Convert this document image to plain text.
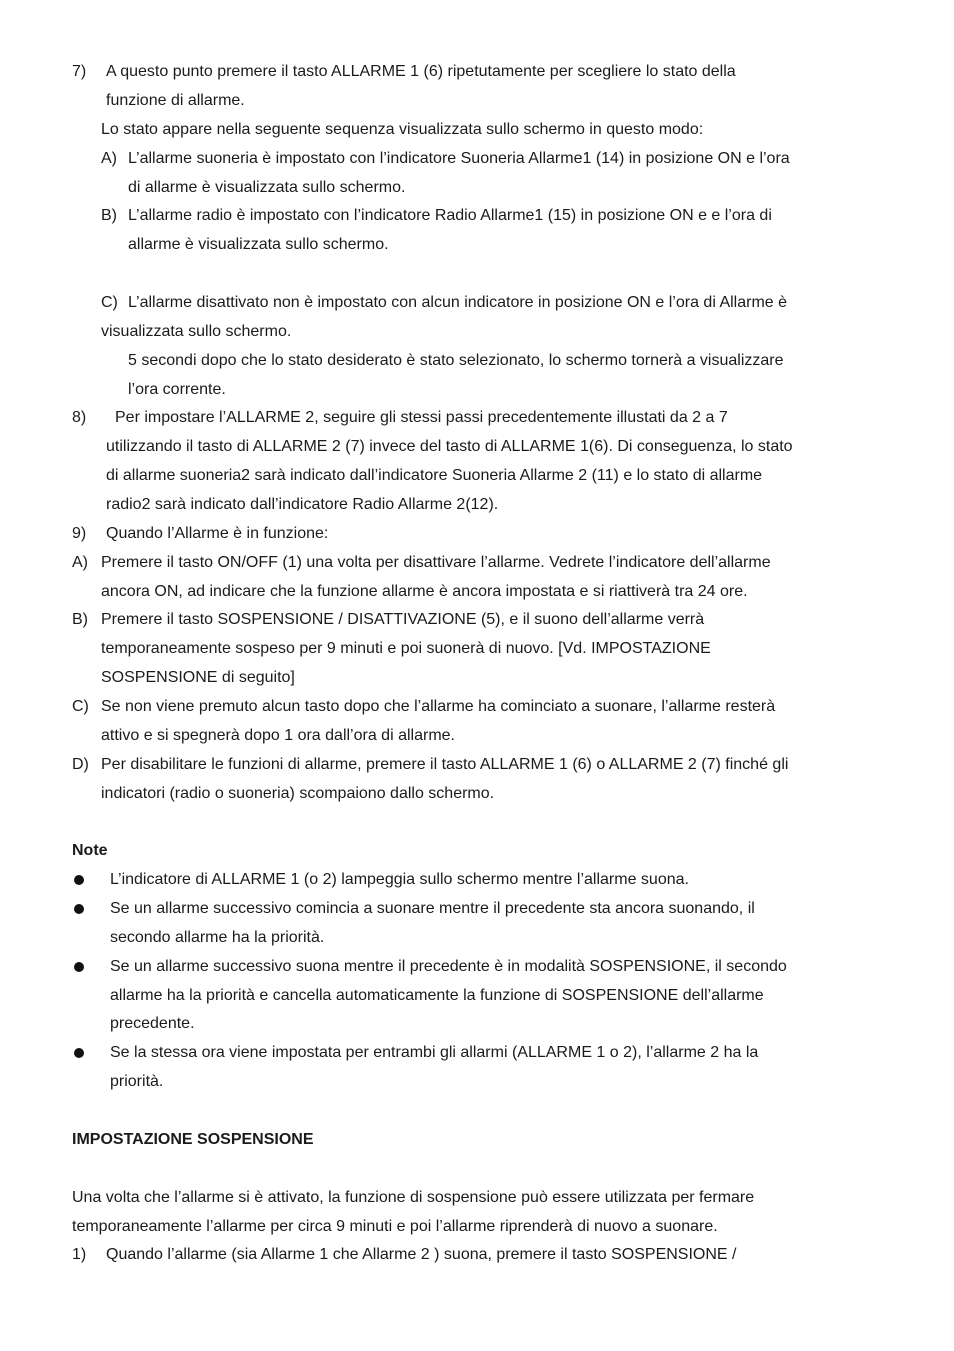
7) A questo punto premere il tasto ALLARME 1 (6) ripetutamente per scegliere lo stato della
funzione di allarme.
Lo stato appare nella seguente sequenza visualizzata sullo schermo in questo modo:
A) L’allarme suoneria è impostato con l’indicatore Suoneria Allarme1 (14) in posizione ON e l’ora
di allarme è visualizzata sullo schermo.
B) L’allarme radio è impostato con l’indicatore Radio Allarme1 (15) in posizione ON e e l’ora di
allarme è visualizzata sullo schermo.
C) L’allarme disattivato non è impostato con alcun indicatore in posizione ON e l’ora di Allarme è
visualizzata sullo schermo.
5 secondi dopo che lo stato desiderato è stato selezionato, lo schermo tornerà a visualizzare
l’ora corrente.
8) Per impostare l’ALLARME 2, seguire gli stessi passi precedentemente illustati da 2 a 7
utilizzando il tasto di ALLARME 2 (7) invece del tasto di ALLARME 1(6). Di conseguenza, lo stato
di allarme suoneria2 sarà indicato dall’indicatore Suoneria Allarme 2 (11) e lo stato di allarme
radio2 sarà indicato dall’indicatore Radio Allarme 2(12).
9) Quando l’Allarme è in funzione:
A) Premere il tasto ON/OFF (1) una volta per disattivare l’allarme. Vedrete l’indicatore dell’allarme
ancora ON, ad indicare che la funzione allarme è ancora impostata e si riattiverà tra 24 ore.
B) Premere il tasto SOSPENSIONE / DISATTIVAZIONE (5), e il suono dell’allarme verrà
temporaneamente sospeso per 9 minuti e poi suonerà di nuovo. [Vd. IMPOSTAZIONE
SOSPENSIONE di seguito]
C) Se non viene premuto alcun tasto dopo che l’allarme ha cominciato a suonare, l’allarme resterà
attivo e si spegnerà dopo 1 ora dall’ora di allarme.
D) Per disabilitare le funzioni di allarme, premere il tasto ALLARME 1 (6) o ALLARME 2 (7) finché gli
indicatori (radio o suoneria) scompaiono dallo schermo.
Note
L’indicatore di ALLARME 1 (o 2) lampeggia sullo schermo mentre l’allarme suona.
Se un allarme successivo comincia a suonare mentre il precedente sta ancora suonando, il
secondo allarme ha la priorità.
Se un allarme successivo suona mentre il precedente è in modalità SOSPENSIONE, il secondo
allarme ha la priorità e cancella automaticamente la funzione di SOSPENSIONE dell’allarme
precedente.
Se la stessa ora viene impostata per entrambi gli allarmi (ALLARME 1 o 2), l’allarme 2 ha la
priorità.
IMPOSTAZIONE SOSPENSIONE
Una volta che l’allarme si è attivato, la funzione di sospensione può essere utilizzata per fermare
temporaneamente l’allarme per circa 9 minuti e poi l’allarme riprenderà di nuovo a suonare.
1) Quando l’allarme (sia Allarme 1 che Allarme 2 ) suona, premere il tasto SOSPENSIONE /
